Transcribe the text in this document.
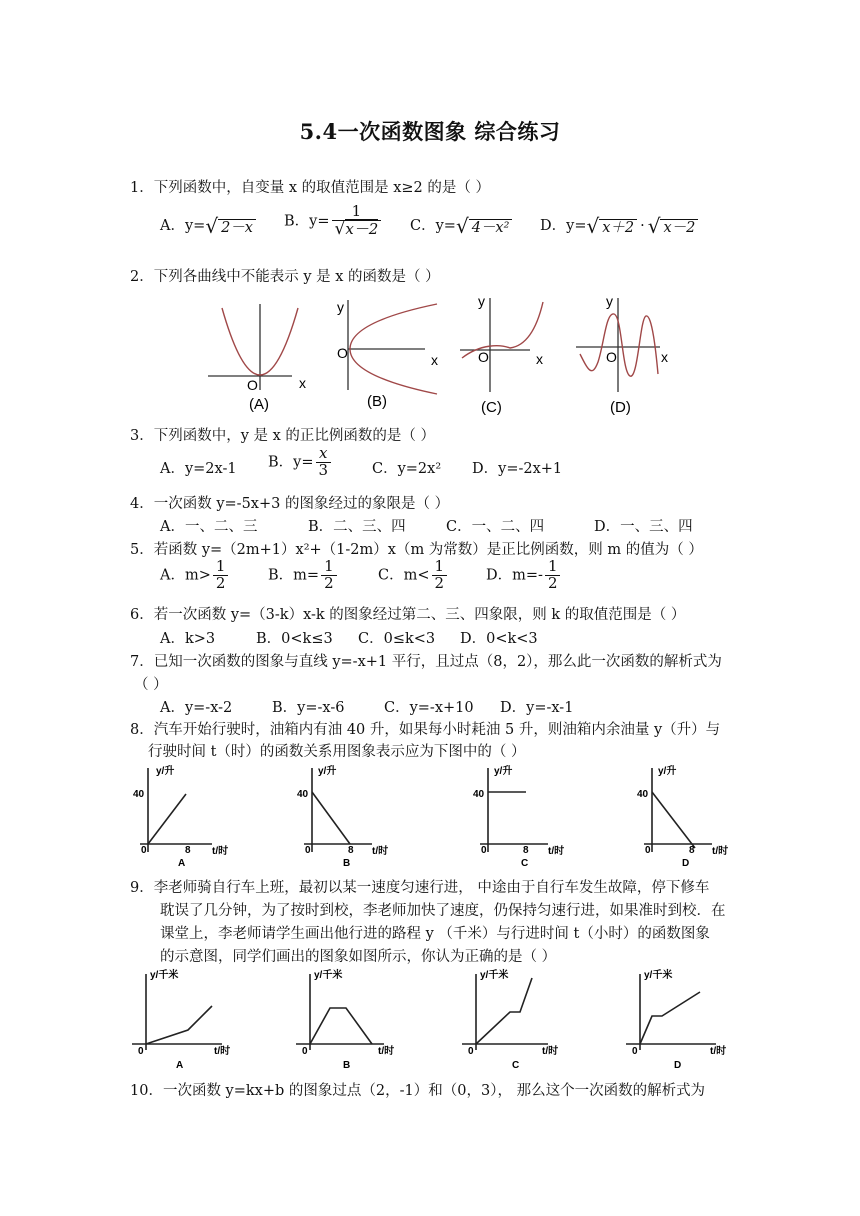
5.4一次函数图象 综合练习
1．下列函数中，自变量 x 的取值范围是 x≥2 的是（ ）
A．y=√ 2－x B．$y= \frac{1}{√x-2}$ C．y=√ 4－x² D．y=√ x＋2 · √ x－2
2．下列各曲线中不能表示 y 是 x 的函数是（ ）
O	x
(A)
y
O	x
(B)
y
O	x
(C)
y
O	x
(D)
3．下列函数中，y 是 x 的正比例函数的是（ ）
A．y=2x-1 B．$y= \frac{x}{3}$	C．y=2x² D．y=-2x+1
4．一次函数 y=-5x+3 的图象经过的象限是（ ）
A．一、二、三	B．二、三、四	C．一、二、四	D．一、三、四
5．若函数 y=（2m+1）x²+（1-2m）x（m 为常数）是正比例函数，则 m 的值为（ ）
A．$m> \frac{1}{2}$	B．$m= \frac{1}{2}$	C．$m< \frac{1}{2}$	D．$m=- \frac{1}{2}$
6．若一次函数 y=（3-k）x-k 的图象经过第二、三、四象限，则 k 的取值范围是（ ）
A．k>3	B．0<k≤3 C．0≤k<3 D．0<k<3
7．已知一次函数的图象与直线 y=-x+1 平行，且过点（8，2），那么此一次函数的解析式为
（ ）
A．y=-x-2	B．y=-x-6	C．y=-x+10 D．y=-x-1
8．汽车开始行驶时，油箱内有油 40 升，如果每小时耗油 5 升，则油箱内余油量 y（升）与
行驶时间 t（时）的函数关系用图象表示应为下图中的（ ）
y/升
40
0	8 t/时
A
y/升
40
0	8 t/时
B
y/升
40
0	8 t/时
C
y/升
40
0	8 t/时
D
9．李老师骑自行车上班，最初以某一速度匀速行进， 中途由于自行车发生故障，停下修车
耽误了几分钟，为了按时到校，李老师加快了速度，仍保持匀速行进，如果准时到校．在
课堂上，李老师请学生画出他行进的路程 y （千米）与行进时间 t（小时）的函数图象
的示意图，同学们画出的图象如图所示，你认为正确的是（ ）
y/千米
0	t/时
A
y/千米
0	t/时
B
y/千米
0	t/时
C
y/千米
0	t/时
D
10．一次函数 y=kx+b 的图象过点（2，-1）和（0，3）， 那么这个一次函数的解析式为
